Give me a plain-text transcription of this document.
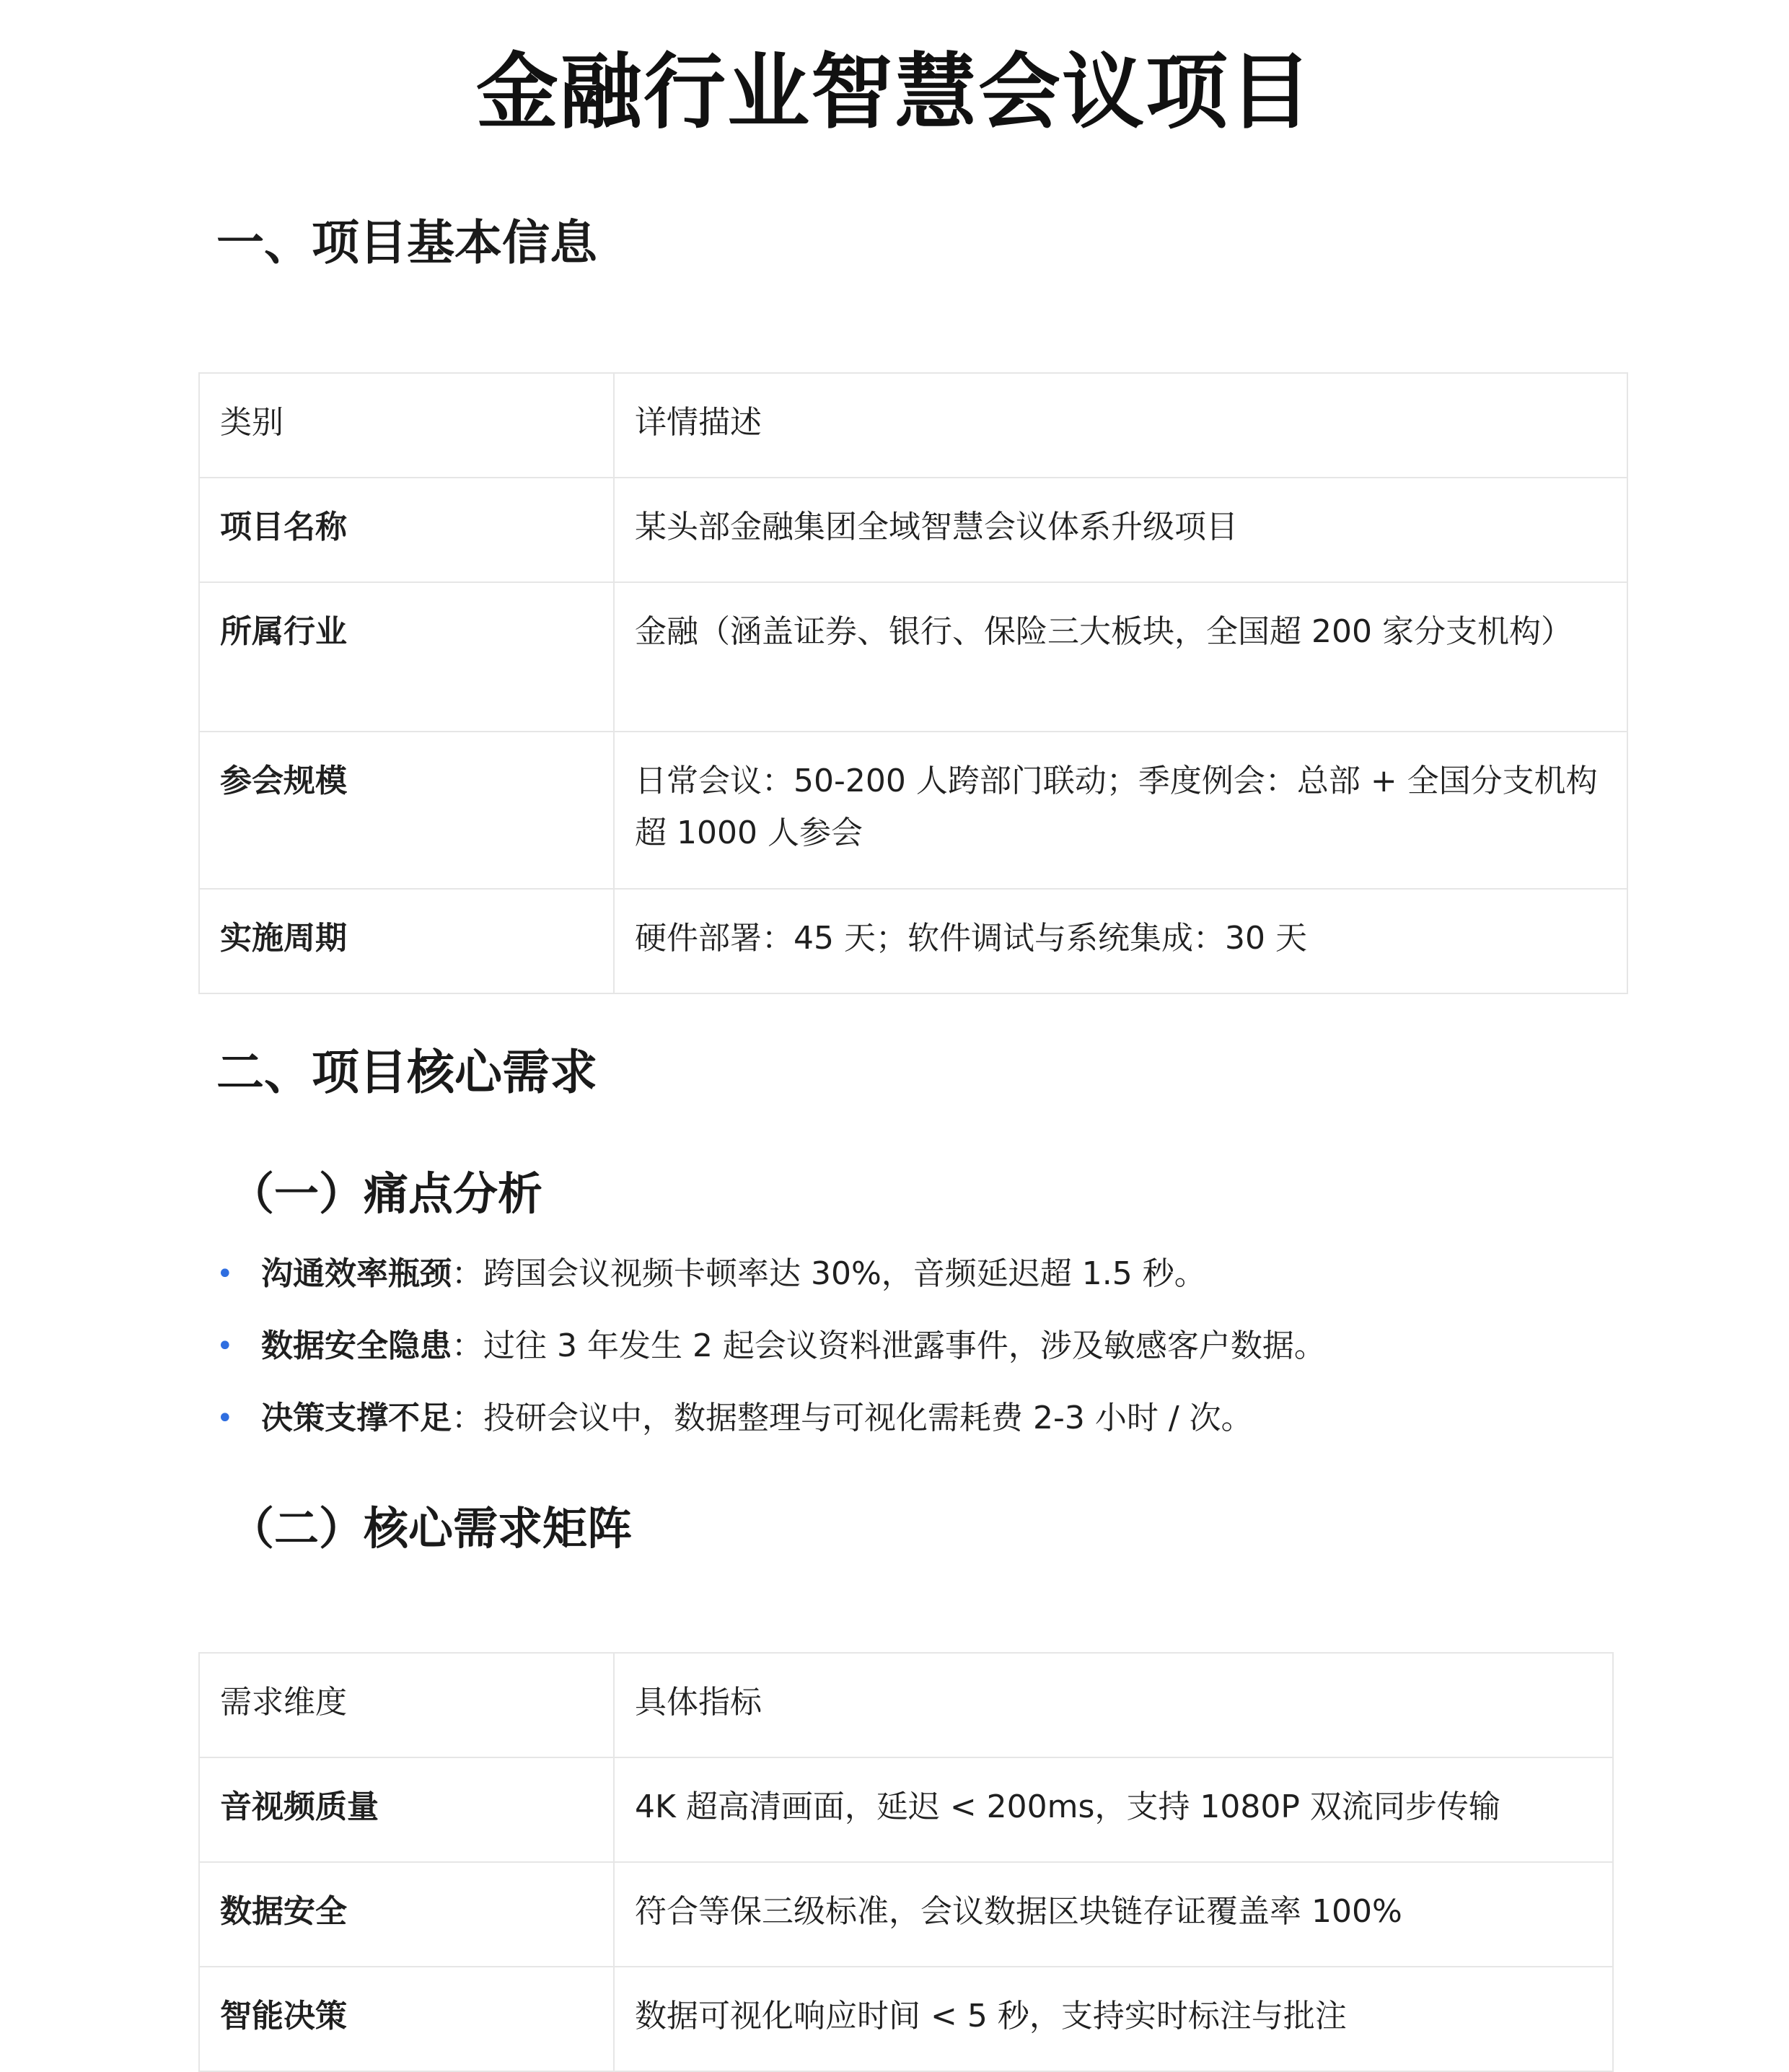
金融行业智慧会议项目
一、项目基本信息
类别	详情描述
项目名称	某头部金融集团全域智慧会议体系升级项目
所属行业	金融（涵盖证券、银行、保险三大板块，全国超 200 家分支机构）
参会规模	日常会议：50-200 人跨部门联动；季度例会：总部 + 全国分支机构超 1000 人参会
实施周期	硬件部署：45 天；软件调试与系统集成：30 天
二、项目核心需求
（一）痛点分析
• 沟通效率瓶颈：跨国会议视频卡顿率达 30%，音频延迟超 1.5 秒。
• 数据安全隐患：过往 3 年发生 2 起会议资料泄露事件，涉及敏感客户数据。
• 决策支撑不足：投研会议中，数据整理与可视化需耗费 2-3 小时 / 次。
（二）核心需求矩阵
需求维度	具体指标
音视频质量	4K 超高清画面，延迟 < 200ms，支持 1080P 双流同步传输
数据安全	符合等保三级标准，会议数据区块链存证覆盖率 100%
智能决策	数据可视化响应时间 < 5 秒，支持实时标注与批注
